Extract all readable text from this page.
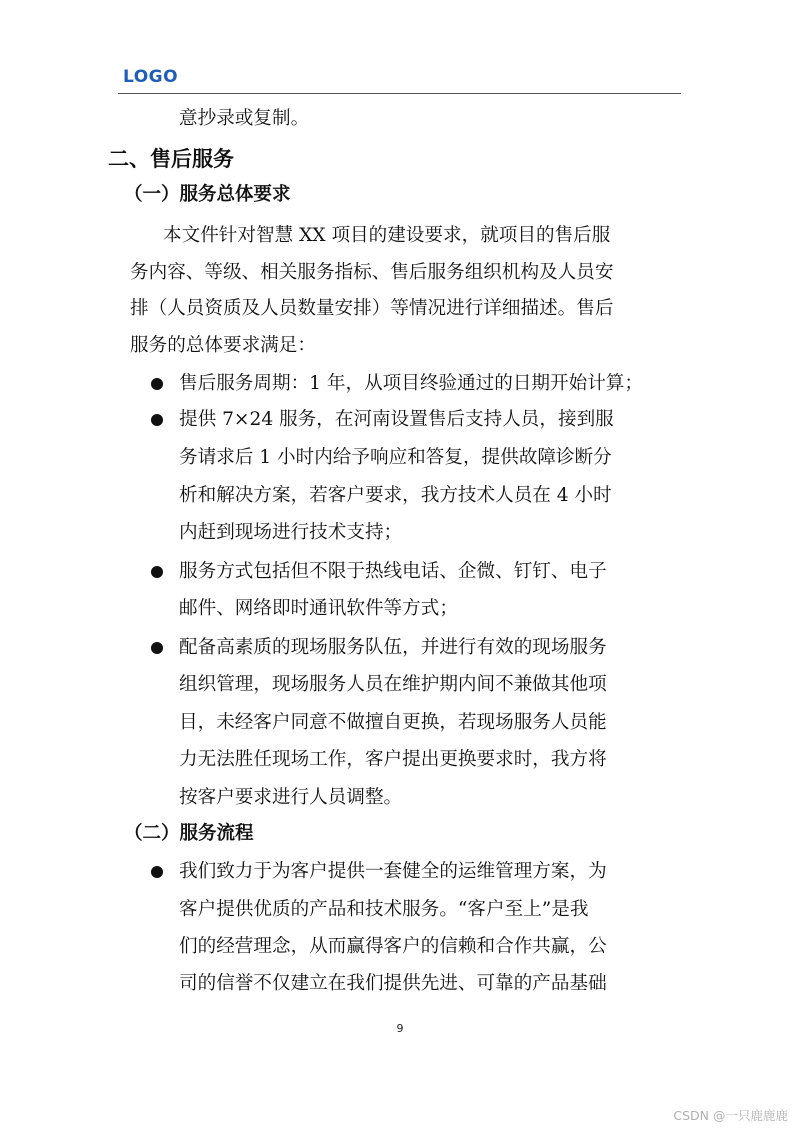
LOGO
意抄录或复制。
二、售后服务
（一）服务总体要求
本文件针对智慧 XX 项目的建设要求，就项目的售后服
务内容、等级、相关服务指标、售后服务组织机构及人员安
排（人员资质及人员数量安排）等情况进行详细描述。售后
服务的总体要求满足：
售后服务周期：1 年，从项目终验通过的日期开始计算；
提供 7×24 服务，在河南设置售后支持人员，接到服
务请求后 1 小时内给予响应和答复，提供故障诊断分
析和解决方案，若客户要求，我方技术人员在 4 小时
内赶到现场进行技术支持；
服务方式包括但不限于热线电话、企微、钉钉、电子
邮件、网络即时通讯软件等方式；
配备高素质的现场服务队伍，并进行有效的现场服务
组织管理，现场服务人员在维护期内间不兼做其他项
目，未经客户同意不做擅自更换，若现场服务人员能
力无法胜任现场工作，客户提出更换要求时，我方将
按客户要求进行人员调整。
（二）服务流程
我们致力于为客户提供一套健全的运维管理方案，为
客户提供优质的产品和技术服务。“客户至上”是我
们的经营理念，从而赢得客户的信赖和合作共赢，公
司的信誉不仅建立在我们提供先进、可靠的产品基础
9
CSDN @一只鹿鹿鹿
